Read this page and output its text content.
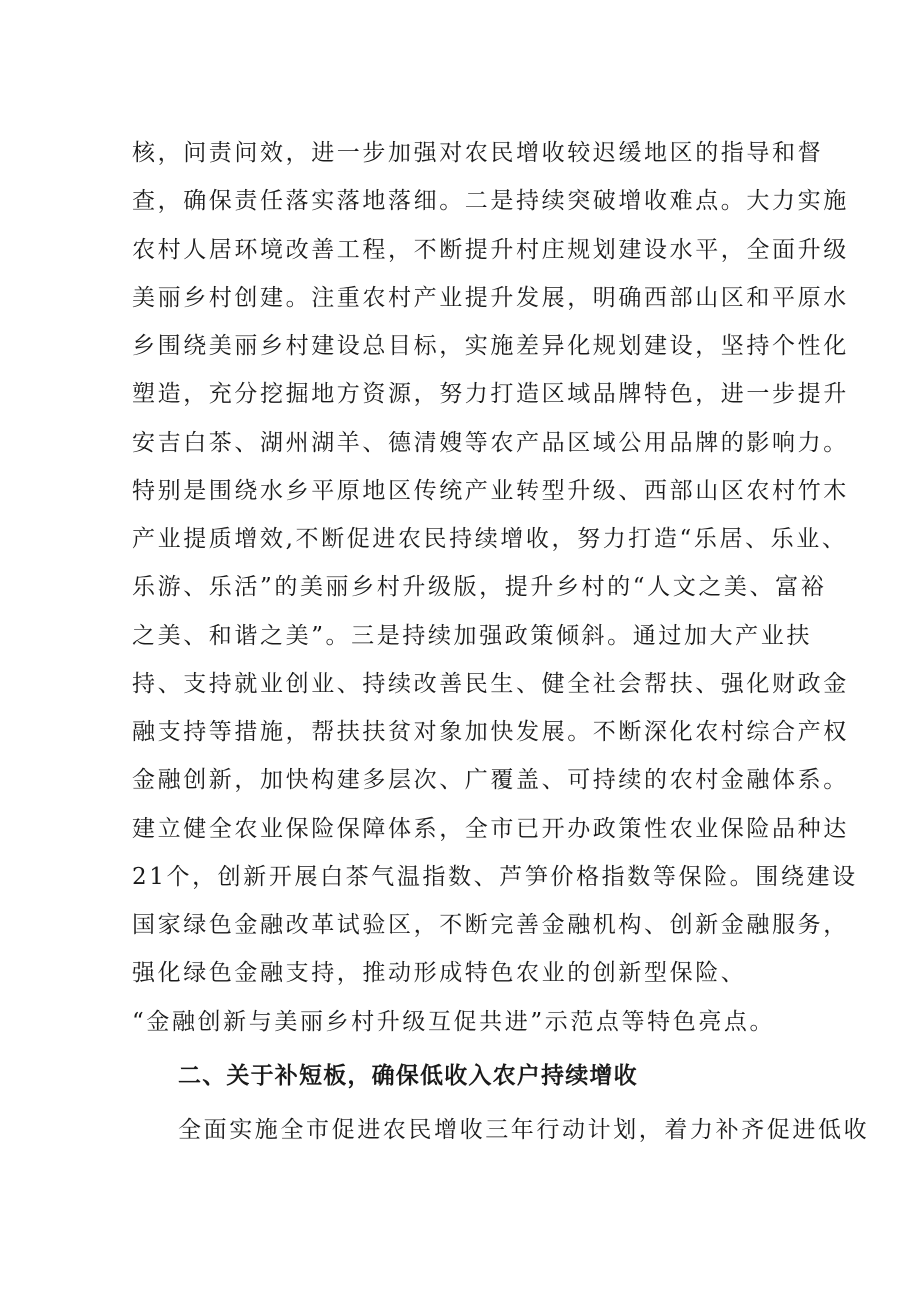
核，问责问效，进一步加强对农民增收较迟缓地区的指导和督
查，确保责任落实落地落细。二是持续突破增收难点。大力实施
农村人居环境改善工程，不断提升村庄规划建设水平，全面升级
美丽乡村创建。注重农村产业提升发展，明确西部山区和平原水
乡围绕美丽乡村建设总目标，实施差异化规划建设，坚持个性化
塑造，充分挖掘地方资源，努力打造区域品牌特色，进一步提升
安吉白茶、湖州湖羊、德清嫂等农产品区域公用品牌的影响力。
特别是围绕水乡平原地区传统产业转型升级、西部山区农村竹木
产业提质增效,不断促进农民持续增收，努力打造“乐居、乐业、
乐游、乐活”的美丽乡村升级版，提升乡村的“人文之美、富裕
之美、和谐之美”。三是持续加强政策倾斜。通过加大产业扶
持、支持就业创业、持续改善民生、健全社会帮扶、强化财政金
融支持等措施，帮扶扶贫对象加快发展。不断深化农村综合产权
金融创新，加快构建多层次、广覆盖、可持续的农村金融体系。
建立健全农业保险保障体系，全市已开办政策性农业保险品种达
21个，创新开展白茶气温指数、芦笋价格指数等保险。围绕建设
国家绿色金融改革试验区，不断完善金融机构、创新金融服务，
强化绿色金融支持，推动形成特色农业的创新型保险、
“金融创新与美丽乡村升级互促共进”示范点等特色亮点。
二、关于补短板，确保低收入农户持续增收
全面实施全市促进农民增收三年行动计划，着力补齐促进低收
